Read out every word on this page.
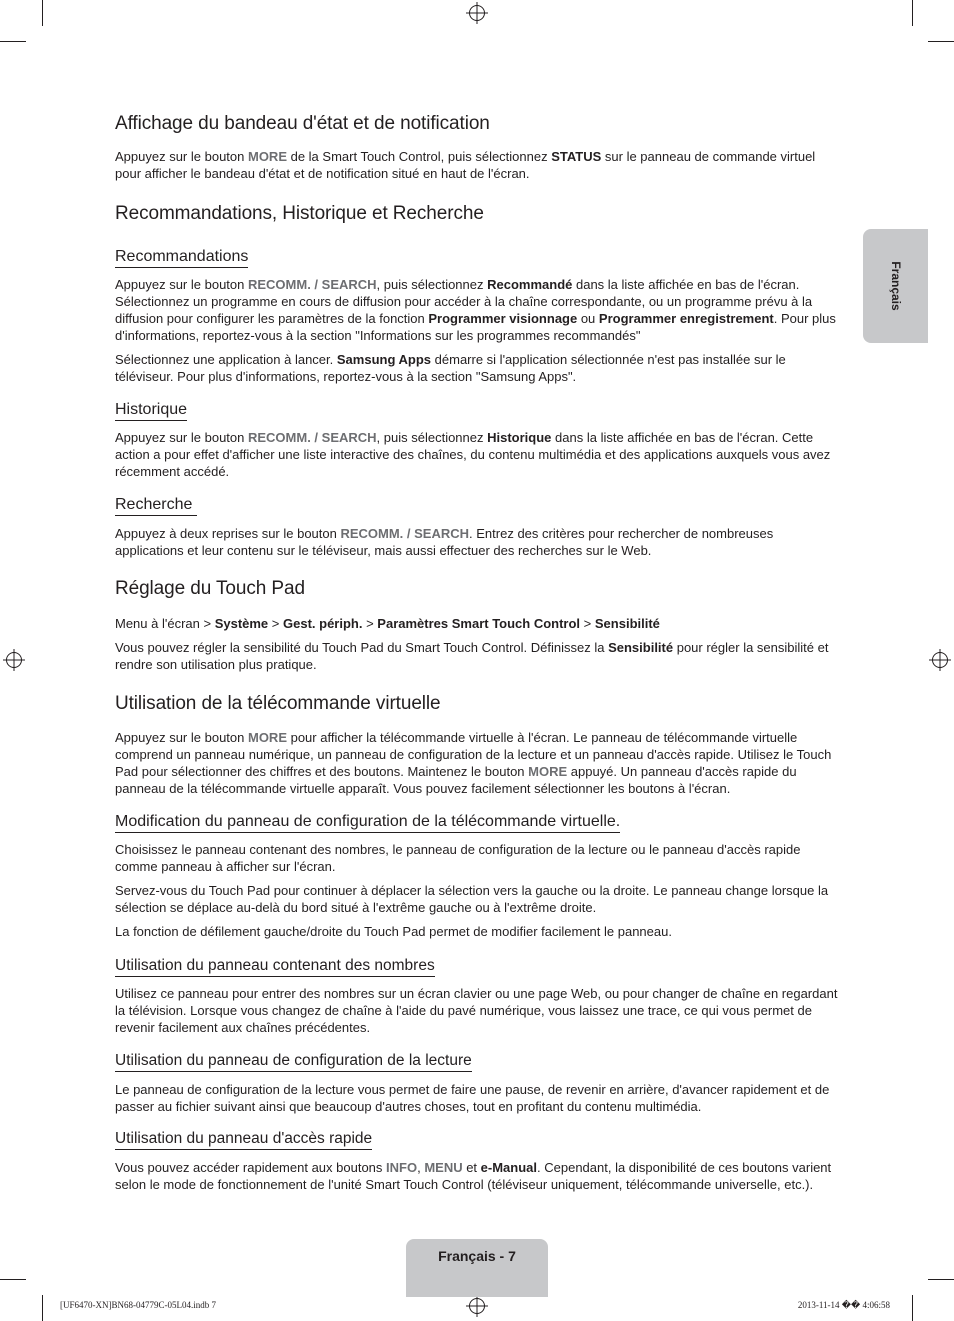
Français
Affichage du bandeau d'état et de notification

Appuyez sur le bouton MORE de la Smart Touch Control, puis sélectionnez STATUS sur le panneau de commande virtuel pour afficher le bandeau d'état et de notification situé en haut de l'écran.

Recommandations, Historique et Recherche
Recommandations

Appuyez sur le bouton RECOMM. / SEARCH, puis sélectionnez Recommandé dans la liste affichée en bas de l'écran. Sélectionnez un programme en cours de diffusion pour accéder à la chaîne correspondante, ou un programme prévu à la diffusion pour configurer les paramètres de la fonction Programmer visionnage ou Programmer enregistrement. Pour plus d'informations, reportez-vous à la section "Informations sur les programmes recommandés"

Sélectionnez une application à lancer. Samsung Apps démarre si l'application sélectionnée n'est pas installée sur le téléviseur. Pour plus d'informations, reportez-vous à la section "Samsung Apps".

Historique

Appuyez sur le bouton RECOMM. / SEARCH, puis sélectionnez Historique dans la liste affichée en bas de l'écran. Cette action a pour effet d'afficher une liste interactive des chaînes, du contenu multimédia et des applications auxquels vous avez récemment accédé.

Recherche

Appuyez à deux reprises sur le bouton RECOMM. / SEARCH. Entrez des critères pour rechercher de nombreuses applications et leur contenu sur le téléviseur, mais aussi effectuer des recherches sur le Web.

Réglage du Touch Pad

Menu à l'écran > Système > Gest. périph. > Paramètres Smart Touch Control > Sensibilité

Vous pouvez régler la sensibilité du Touch Pad du Smart Touch Control. Définissez la Sensibilité pour régler la sensibilité et rendre son utilisation plus pratique.

Utilisation de la télécommande virtuelle

Appuyez sur le bouton MORE pour afficher la télécommande virtuelle à l'écran. Le panneau de télécommande virtuelle comprend un panneau numérique, un panneau de configuration de la lecture et un panneau d'accès rapide. Utilisez le Touch Pad pour sélectionner des chiffres et des boutons. Maintenez le bouton MORE appuyé. Un panneau d'accès rapide du panneau de la télécommande virtuelle apparaît. Vous pouvez facilement sélectionner les boutons à l'écran.

Modification du panneau de configuration de la télécommande virtuelle.

Choisissez le panneau contenant des nombres, le panneau de configuration de la lecture ou le panneau d'accès rapide comme panneau à afficher sur l'écran.

Servez-vous du Touch Pad pour continuer à déplacer la sélection vers la gauche ou la droite. Le panneau change lorsque la sélection se déplace au-delà du bord situé à l'extrême gauche ou à l'extrême droite.

La fonction de défilement gauche/droite du Touch Pad permet de modifier facilement le panneau.

Utilisation du panneau contenant des nombres

Utilisez ce panneau pour entrer des nombres sur un écran clavier ou une page Web, ou pour changer de chaîne en regardant la télévision. Lorsque vous changez de chaîne à l'aide du pavé numérique, vous laissez une trace, ce qui vous permet de revenir facilement aux chaînes précédentes.

Utilisation du panneau de configuration de la lecture

Le panneau de configuration de la lecture vous permet de faire une pause, de revenir en arrière, d'avancer rapidement et de passer au fichier suivant ainsi que beaucoup d'autres choses, tout en profitant du contenu multimédia.

Utilisation du panneau d'accès rapide

Vous pouvez accéder rapidement aux boutons INFO, MENU et e-Manual. Cependant, la disponibilité de ces boutons varient selon le mode de fonctionnement de l'unité Smart Touch Control (téléviseur uniquement, télécommande universelle, etc.).

Français - 7
[UF6470-XN]BN68-04779C-05L04.indb 7	2013-11-14 �� 4:06:58
